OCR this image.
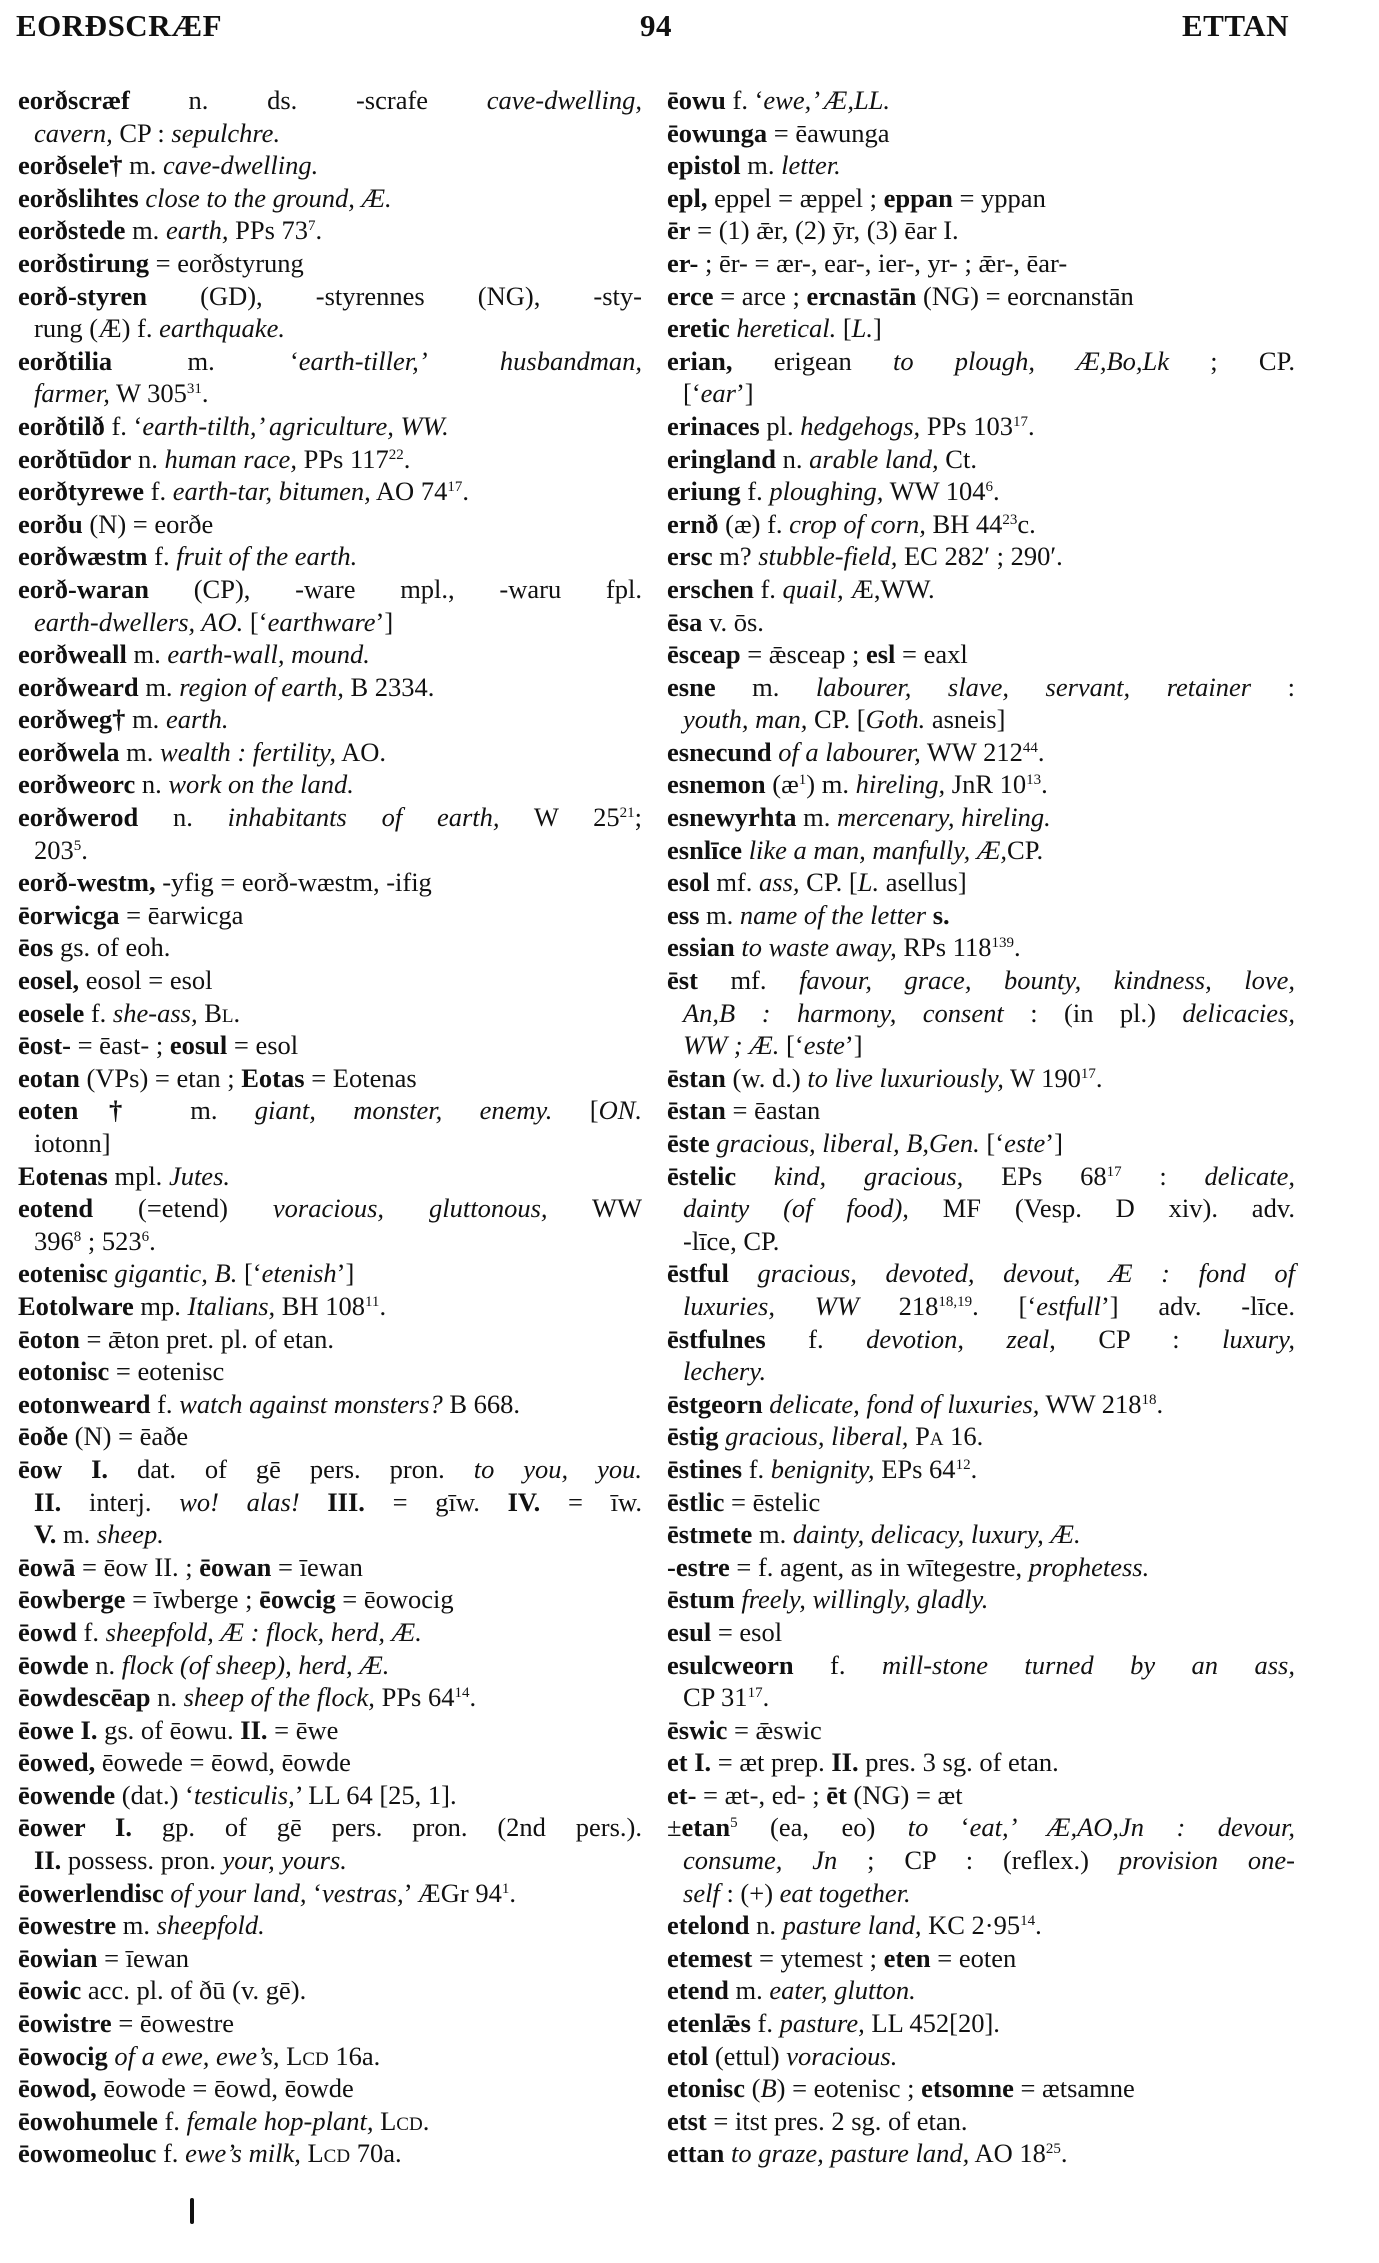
EORÐSCRÆF	94	ETTAN
eorðscræf n. ds. -scrafe cave-dwelling,
cavern, CP : sepulchre.
eorðsele† m. cave-dwelling.
eorðslihtes close to the ground, Æ.
eorðstede m. earth, PPs $73^7$.
eorðstirung = eorðstyrung
eorð-styren (GD), -styrennes (NG), -sty-
rung (Æ) f. earthquake.
eorðtilia m. ‘earth-tiller,’ husbandman,
farmer, W $305^{31}$.
eorðtilð f. ‘earth-tilth,’ agriculture, WW.
eorðtūdor n. human race, PPs $117^{22}$.
eorðtyrewe f. earth-tar, bitumen, AO $74^{17}$.
eorðu (N) = eorðe
eorðwæstm f. fruit of the earth.
eorð-waran (CP), -ware mpl., -waru fpl.
earth-dwellers, AO. [‘earthware’]
eorðweall m. earth-wall, mound.
eorðweard m. region of earth, B 2334.
eorðweg† m. earth.
eorðwela m. wealth : fertility, AO.
eorðweorc n. work on the land.
eorðwerod n. inhabitants of earth, W $25^{21}$;
$203^5$.
eorð-westm, -yfig = eorð-wæstm, -ifig
ēorwicga = ēarwicga
ēos gs. of eoh.
eosel, eosol = esol
eosele f. she-ass, Bl.
ēost- = ēast- ; eosul = esol
eotan (VPs) = etan ; Eotas = Eotenas
eoten† m. giant, monster, enemy. [ON.
iotonn]
Eotenas mpl. Jutes.
eotend (=etend) voracious, gluttonous, WW
$396^8$ ; $523^6$.
eotenisc gigantic, B. [‘etenish’]
Eotolware mp. Italians, BH $108^{11}$.
ēoton = ǣton pret. pl. of etan.
eotonisc = eotenisc
eotonweard f. watch against monsters? B 668.
ēoðe (N) = ēaðe
ēow I. dat. of gē pers. pron. to you, you.
II. interj. wo! alas! III. = gīw. IV. = īw.
V. m. sheep.
ēowā = ēow II. ; ēowan = īewan
ēowberge = īwberge ; ēowcig = ēowocig
ēowd f. sheepfold, Æ : flock, herd, Æ.
ēowde n. flock (of sheep), herd, Æ.
ēowdescēap n. sheep of the flock, PPs $64^{14}$.
ēowe I. gs. of ēowu. II. = ēwe
ēowed, ēowede = ēowd, ēowde
ēowende (dat.) ‘testiculis,’ LL 64 [25, 1].
ēower I. gp. of gē pers. pron. (2nd pers.).
II. possess. pron. your, yours.
ēowerlendisc of your land, ‘vestras,’ ÆGr $94^1$.
ēowestre m. sheepfold.
ēowian = īewan
ēowic acc. pl. of ðū (v. gē).
ēowistre = ēowestre
ēowocig of a ewe, ewe’s, Lcd 16a.
ēowod, ēowode = ēowd, ēowde
ēowohumele f. female hop-plant, Lcd.
ēowomeoluc f. ewe’s milk, Lcd 70a.
ēowu f. ‘ewe,’ Æ,LL.
ēowunga = ēawunga
epistol m. letter.
epl, eppel = æppel ; eppan = yppan
ēr = (1) ǣr, (2) ȳr, (3) ēar I.
er- ; ēr- = ær-, ear-, ier-, yr- ; ǣr-, ēar-
erce = arce ; ercnastān (NG) = eorcnanstān
eretic heretical. [L.]
erian, erigean to plough, Æ,Bo,Lk ; CP.
[‘ear’]
erinaces pl. hedgehogs, PPs $103^{17}$.
eringland n. arable land, Ct.
eriung f. ploughing, WW $104^6$.
ernð (æ) f. crop of corn, BH $44^{23}c$.
ersc m? stubble-field, EC 282′ ; 290′.
erschen f. quail, Æ,WW.
ēsa v. ōs.
ēsceap = ǣsceap ; esl = eaxl
esne m. labourer, slave, servant, retainer :
youth, man, CP. [Goth. asneis]
esnecund of a labourer, WW $212^{44}$.
esnemon $(æ^1)$ m. hireling, JnR $10^{13}$.
esnewyrhta m. mercenary, hireling.
esnlīce like a man, manfully, Æ,CP.
esol mf. ass, CP. [L. asellus]
ess m. name of the letter s.
essian to waste away, RPs $118^{139}$.
ēst mf. favour, grace, bounty, kindness, love,
An,B : harmony, consent : (in pl.) delicacies,
WW ; Æ. [‘este’]
ēstan (w. d.) to live luxuriously, W $190^{17}$.
ēstan = ēastan
ēste gracious, liberal, B,Gen. [‘este’]
ēstelic kind, gracious, EPs $68^{17}$ : delicate,
dainty (of food), MF (Vesp. D xiv). adv.
-līce, CP.
ēstful gracious, devoted, devout, Æ : fond of
luxuries, WW 218$^{18,19}$. [‘estfull’] adv. -līce.
ēstfulnes f. devotion, zeal, CP : luxury,
lechery.
ēstgeorn delicate, fond of luxuries, WW $218^{18}$.
ēstig gracious, liberal, Pa 16.
ēstines f. benignity, EPs $64^{12}$.
ēstlic = ēstelic
ēstmete m. dainty, delicacy, luxury, Æ.
-estre = f. agent, as in wītegestre, prophetess.
ēstum freely, willingly, gladly.
esul = esol
esulcweorn f. mill-stone turned by an ass,
CP $31^{17}$.
ēswic = ǣswic
et I. = æt prep. II. pres. 3 sg. of etan.
et- = æt-, ed- ; ēt (NG) = æt
±etan$^5$ (ea, eo) to ‘eat,’ Æ,AO,Jn : devour,
consume, Jn ; CP : (reflex.) provision one-
self : (+) eat together.
etelond n. pasture land, KC $2\cdot 95^{14}$.
etemest = ytemest ; eten = eoten
etend m. eater, glutton.
etenlǣs f. pasture, LL 452[20].
etol (ettul) voracious.
etonisc (B) = eotenisc ; etsomne = ætsamne
etst = itst pres. 2 sg. of etan.
ettan to graze, pasture land, AO $18^{25}$.
